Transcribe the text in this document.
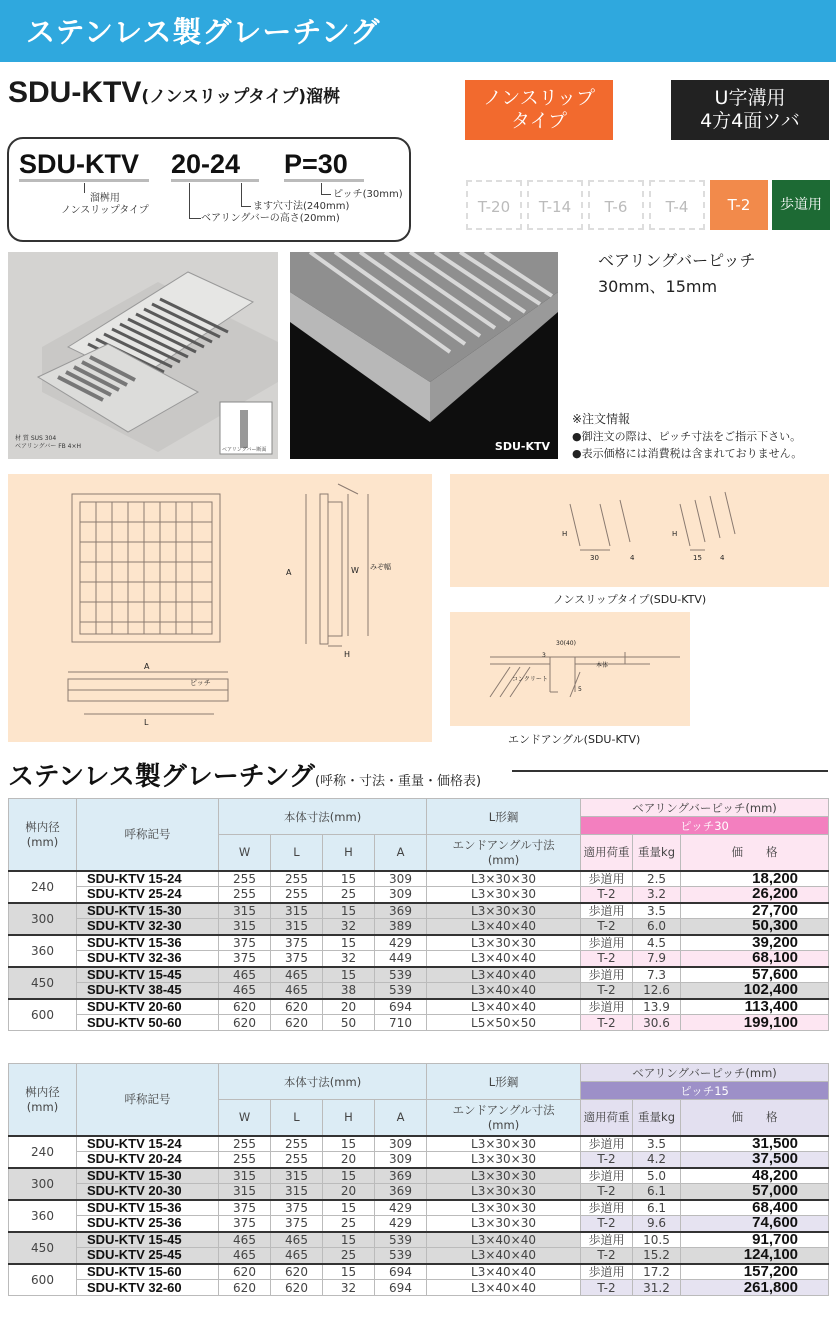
ステンレス製グレーチング
SDU-KTV(ノンスリップタイプ)溜桝	ノンスリップ
タイプ
U字溝用
4方4面ツバ
SDU-KTV	20-24	P=30
溜桝用
ノンスリップタイプ
ピッチ(30mm)
ます穴寸法(240mm)
ベアリングバーの高さ(20mm)
T-20	T-14	T-6	T-4	T-2	歩道用
材 質 SUS 304
ベアリングバー FB 4×H	ベアリングバー断面	SDU-KTV
ベアリングバーピッチ
30mm、15mm
※注文情報
●御注文の際は、ピッチ寸法をご指示下さい。
●表示価格には消費税は含まれておりません。
A	W みぞ幅
H
A
ピッチ
L
H
30	4
H
15	4
ノンスリップタイプ(SDU-KTV)
30(40)
3
本体
コンクリート
5
エンドアングル(SDU-KTV)
ステンレス製グレーチング(呼称・寸法・重量・価格表)
桝内径
(mm)	呼称記号	本体寸法(mm)				L形鋼	ベアリングバーピッチ(mm)		
							ピッチ30		
		W	L	H	A	エンドアングル寸法
(mm)	適用荷重	重量kg	価　　格
240	SDU-KTV 15-24	255	255	15	309	L3×30×30	歩道用	2.5	18,200
	SDU-KTV 25-24	255	255	25	309	L3×30×30	T-2	3.2	26,200
300	SDU-KTV 15-30	315	315	15	369	L3×30×30	歩道用	3.5	27,700
	SDU-KTV 32-30	315	315	32	389	L3×40×40	T-2	6.0	50,300
360	SDU-KTV 15-36	375	375	15	429	L3×30×30	歩道用	4.5	39,200
	SDU-KTV 32-36	375	375	32	449	L3×40×40	T-2	7.9	68,100
450	SDU-KTV 15-45	465	465	15	539	L3×40×40	歩道用	7.3	57,600
	SDU-KTV 38-45	465	465	38	539	L3×40×40	T-2	12.6	102,400
600	SDU-KTV 20-60	620	620	20	694	L3×40×40	歩道用	13.9	113,400
	SDU-KTV 50-60	620	620	50	710	L5×50×50	T-2	30.6	199,100
桝内径
(mm)	呼称記号	本体寸法(mm)				L形鋼	ベアリングバーピッチ(mm)		
							ピッチ15		
		W	L	H	A	エンドアングル寸法
(mm)	適用荷重	重量kg	価　　格
240	SDU-KTV 15-24	255	255	15	309	L3×30×30	歩道用	3.5	31,500
	SDU-KTV 20-24	255	255	20	309	L3×30×30	T-2	4.2	37,500
300	SDU-KTV 15-30	315	315	15	369	L3×30×30	歩道用	5.0	48,200
	SDU-KTV 20-30	315	315	20	369	L3×30×30	T-2	6.1	57,000
360	SDU-KTV 15-36	375	375	15	429	L3×30×30	歩道用	6.1	68,400
	SDU-KTV 25-36	375	375	25	429	L3×30×30	T-2	9.6	74,600
450	SDU-KTV 15-45	465	465	15	539	L3×40×40	歩道用	10.5	91,700
	SDU-KTV 25-45	465	465	25	539	L3×40×40	T-2	15.2	124,100
600	SDU-KTV 15-60	620	620	15	694	L3×40×40	歩道用	17.2	157,200
	SDU-KTV 32-60	620	620	32	694	L3×40×40	T-2	31.2	261,800
